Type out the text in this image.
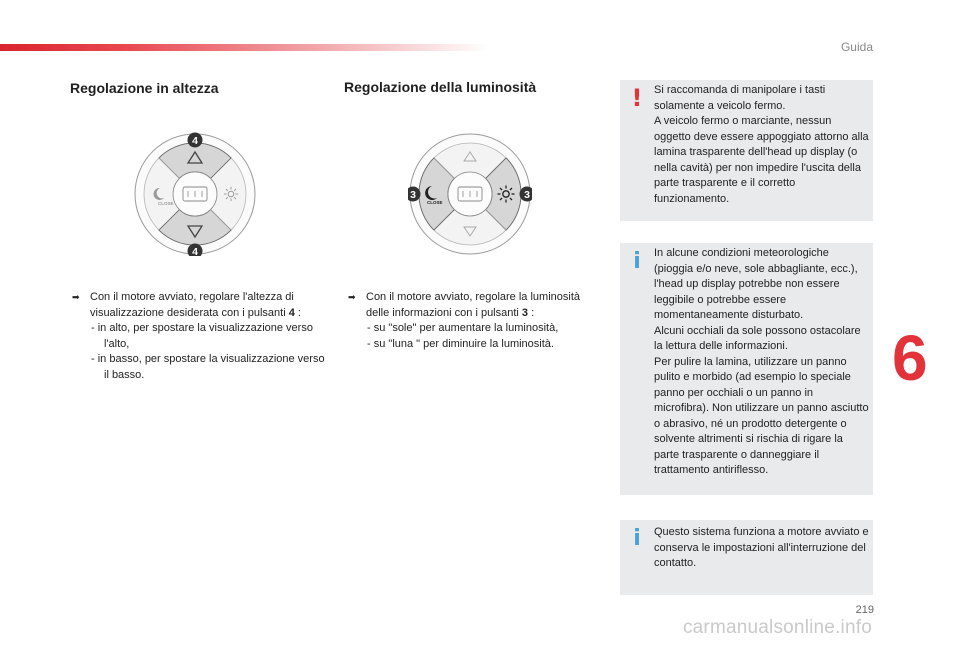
Guida
6
Regolazione in altezza
CLOSE
4
4
➡ Con il motore avviato, regolare l'altezza di visualizzazione desiderata con i pulsanti 4 :
- in alto, per spostare la visualizzazione verso l'alto,
- in basso, per spostare la visualizzazione verso il basso.
Regolazione della luminosità
CLOSE
3	3
➡ Con il motore avviato, regolare la luminosità delle informazioni con i pulsanti 3 :
- su "sole" per aumentare la luminosità,
- su "luna " per diminuire la luminosità.
! Si raccomanda di manipolare i tasti solamente a veicolo fermo.
A veicolo fermo o marciante, nessun oggetto deve essere appoggiato attorno alla lamina trasparente dell'head up display (o nella cavità) per non impedire l'uscita della parte trasparente e il corretto funzionamento.
i In alcune condizioni meteorologiche (pioggia e/o neve, sole abbagliante, ecc.), l'head up display potrebbe non essere leggibile o potrebbe essere momentaneamente disturbato.
Alcuni occhiali da sole possono ostacolare la lettura delle informazioni.
Per pulire la lamina, utilizzare un panno pulito e morbido (ad esempio lo speciale panno per occhiali o un panno in microfibra). Non utilizzare un panno asciutto o abrasivo, né un prodotto detergente o solvente altrimenti si rischia di rigare la parte trasparente o danneggiare il trattamento antiriflesso.
i Questo sistema funziona a motore avviato e conserva le impostazioni all'interruzione del contatto.
219
carmanualsonline.info
